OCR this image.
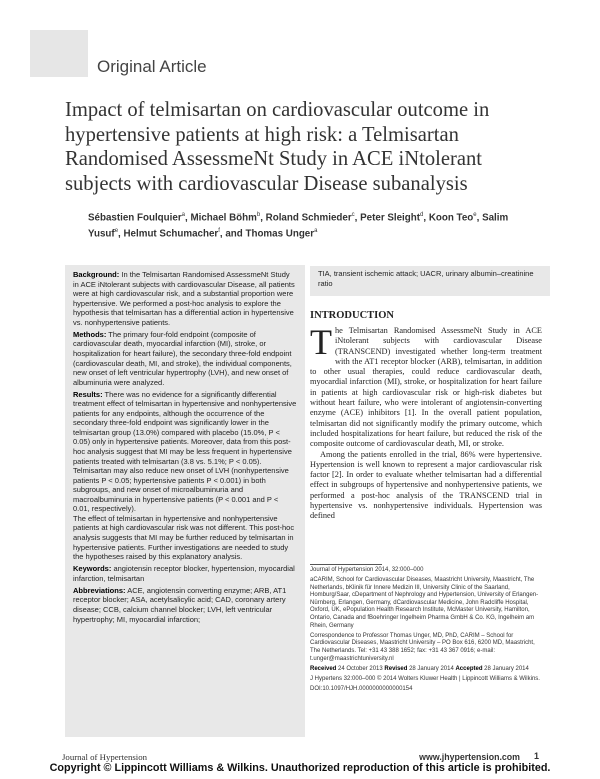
Original Article
Impact of telmisartan on cardiovascular outcome in hypertensive patients at high risk: a Telmisartan Randomised AssessmeNt Study in ACE iNtolerant subjects with cardiovascular Disease subanalysis
Sébastien Foulquier$^a$, Michael Böhm$^b$, Roland Schmieder$^c$, Peter Sleight$^d$, Koon Teo$^e$, Salim Yusuf$^e$, Helmut Schumacher$^f$, and Thomas Unger$^a$

Background: In the Telmisartan Randomised AssessmeNt Study in ACE iNtolerant subjects with cardiovascular Disease, all patients were at high cardiovascular risk, and a substantial proportion were hypertensive. We performed a post-hoc analysis to explore the hypothesis that telmisartan has a differential action in hypertensive vs. nonhypertensive patients.

Methods: The primary four-fold endpoint (composite of cardiovascular death, myocardial infarction (MI), stroke, or hospitalization for heart failure), the secondary three-fold endpoint (cardiovascular death, MI, and stroke), the individual components, new onset of left ventricular hypertrophy (LVH), and new onset of albuminuria were analyzed.

Results: There was no evidence for a significantly differential treatment effect of telmisartan in hypertensive and nonhypertensive patients for any endpoints, although the occurrence of the secondary three-fold endpoint was significantly lower in the telmisartan group (13.0%) compared with placebo (15.0%, P < 0.05) only in hypertensive patients. Moreover, data from this post-hoc analysis suggest that MI may be less frequent in hypertensive patients treated with telmisartan (3.8 vs. 5.1%; P < 0.05). Telmisartan may also reduce new onset of LVH (nonhypertensive patients P < 0.05; hypertensive patients P < 0.001) in both subgroups, and new onset of microalbuminuria and macroalbuminuria in hypertensive patients (P < 0.001 and P < 0.01, respectively).
The effect of telmisartan in hypertensive and nonhypertensive patients at high cardiovascular risk was not different. This post-hoc analysis suggests that MI may be further reduced by telmisartan in hypertensive patients. Further investigations are needed to study the hypotheses raised by this explanatory analysis.

Keywords: angiotensin receptor blocker, hypertension, myocardial infarction, telmisartan

Abbreviations: ACE, angiotensin converting enzyme; ARB, AT1 receptor blocker; ASA, acetylsalicylic acid; CAD, coronary artery disease; CCB, calcium channel blocker; LVH, left ventricular hypertrophy; MI, myocardial infarction;

TIA, transient ischemic attack; UACR, urinary albumin–creatinine ratio
INTRODUCTION

The Telmisartan Randomised AssessmeNt Study in ACE iNtolerant subjects with cardiovascular Disease (TRANSCEND) investigated whether long-term treatment with the AT1 receptor blocker (ARB), telmisartan, in addition to other usual therapies, could reduce cardiovascular death, myocardial infarction (MI), stroke, or hospitalization for heart failure in patients at high cardiovascular risk or high-risk diabetes but without heart failure, who were intolerant of angiotensin-converting enzyme (ACE) inhibitors [1]. In the overall patient population, telmisartan did not significantly modify the primary outcome, which included hospitalizations for heart failure, but reduced the risk of the composite outcome of cardiovascular death, MI, or stroke.

Among the patients enrolled in the trial, 86% were hypertensive. Hypertension is well known to represent a major cardiovascular risk factor [2]. In order to evaluate whether telmisartan had a differential effect in subgroups of hypertensive and nonhypertensive patients, we performed a post-hoc analysis of the TRANSCEND trial in hypertensive vs. nonhypertensive individuals. Hypertension was defined

Journal of Hypertension 2014, 32:000–000

aCARIM, School for Cardiovascular Diseases, Maastricht University, Maastricht, The Netherlands, bKlinik für Innere Medizin III, University Clinic of the Saarland, Homburg/Saar, cDepartment of Nephrology and Hypertension, University of Erlangen-Nürnberg, Erlangen, Germany, dCardiovascular Medicine, John Radcliffe Hospital, Oxford, UK, ePopulation Health Research Institute, McMaster University, Hamilton, Ontario, Canada and fBoehringer Ingelheim Pharma GmbH & Co. KG, Ingelheim am Rhein, Germany

Correspondence to Professor Thomas Unger, MD, PhD, CARIM – School for Cardiovascular Diseases, Maastricht University – PO Box 616, 6200 MD, Maastricht, The Netherlands. Tel: +31 43 388 1652; fax: +31 43 367 0916; e-mail: t.unger@maastrichtuniversity.nl

Received 24 October 2013 Revised 28 January 2014 Accepted 28 January 2014

J Hypertens 32:000–000 © 2014 Wolters Kluwer Health | Lippincott Williams & Wilkins.

DOI:10.1097/HJH.0000000000000154

Journal of Hypertension	www.jhypertension.com 1
Copyright © Lippincott Williams & Wilkins. Unauthorized reproduction of this article is prohibited.
